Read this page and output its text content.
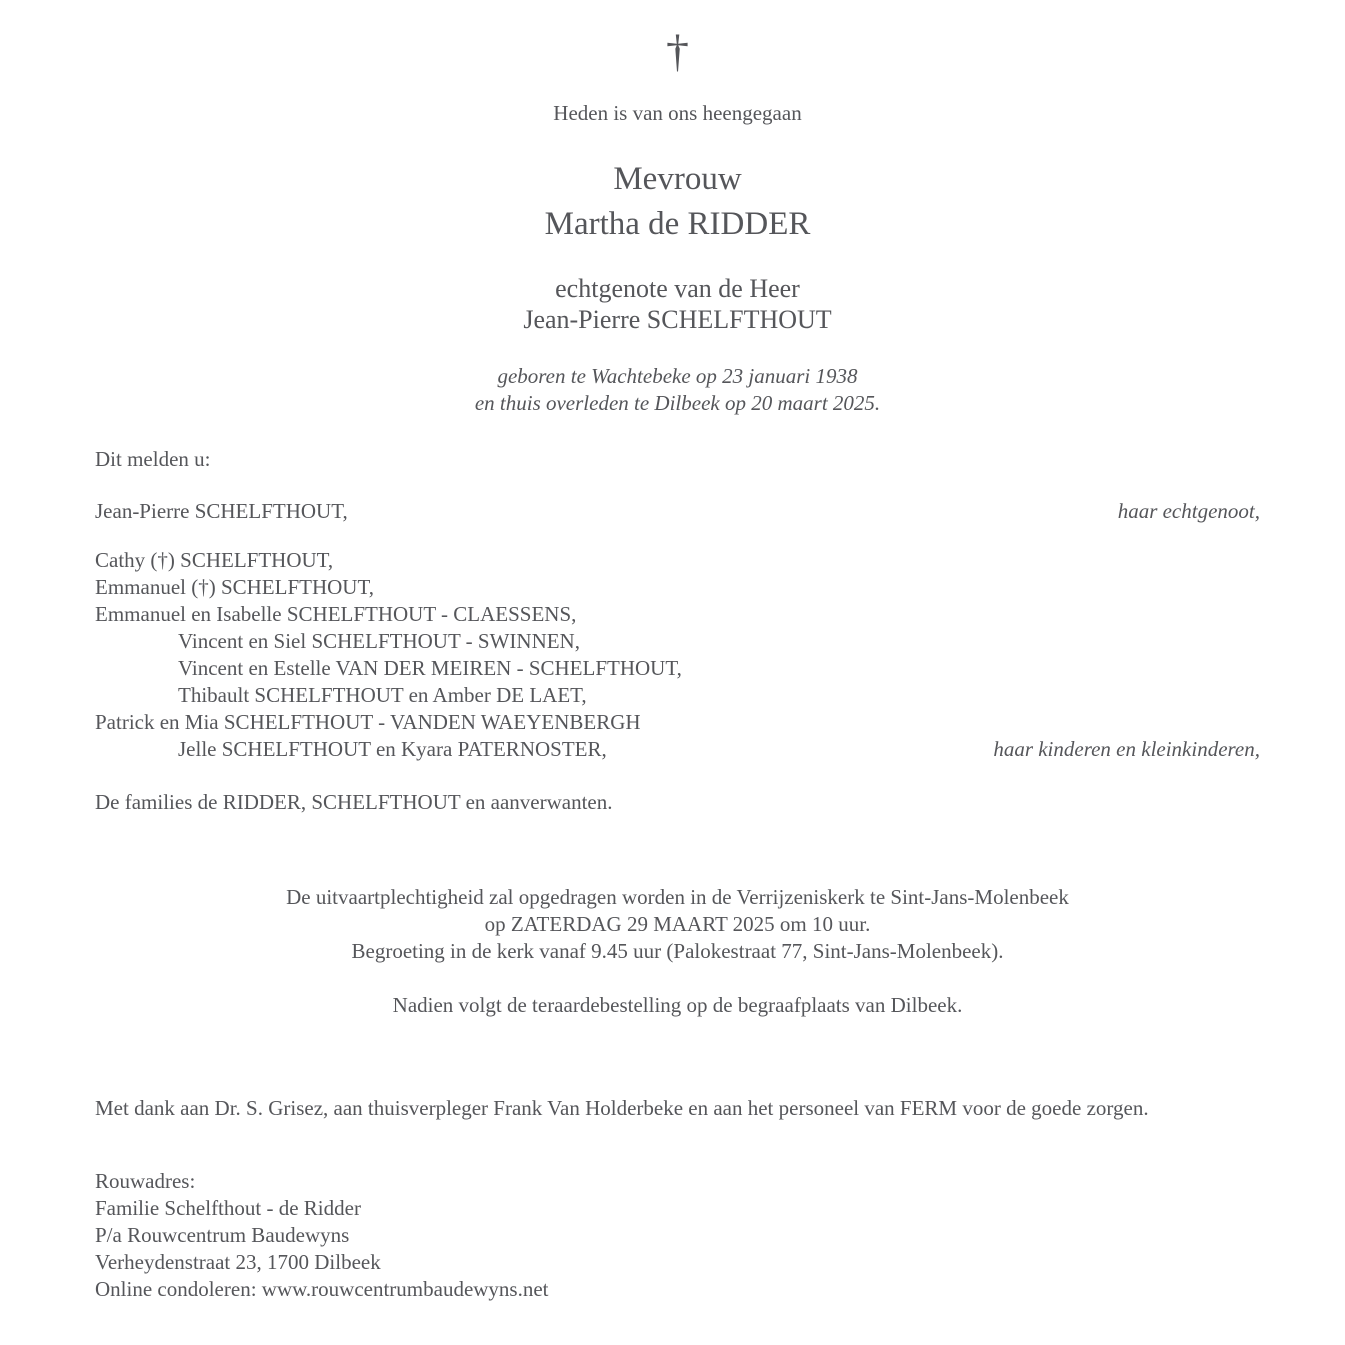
†
Heden is van ons heengegaan
Mevrouw
Martha de RIDDER
echtgenote van de Heer
Jean-Pierre SCHELFTHOUT
geboren te Wachtebeke op 23 januari 1938
en thuis overleden te Dilbeek op 20 maart 2025.
Dit melden u:
Jean-Pierre SCHELFTHOUT,	haar echtgenoot,
Cathy (†) SCHELFTHOUT,
Emmanuel (†) SCHELFTHOUT,
Emmanuel en Isabelle SCHELFTHOUT - CLAESSENS,
Vincent en Siel SCHELFTHOUT - SWINNEN,
Vincent en Estelle VAN DER MEIREN - SCHELFTHOUT,
Thibault SCHELFTHOUT en Amber DE LAET,
Patrick en Mia SCHELFTHOUT - VANDEN WAEYENBERGH
Jelle SCHELFTHOUT en Kyara PATERNOSTER,	haar kinderen en kleinkinderen,
De families de RIDDER, SCHELFTHOUT en aanverwanten.
De uitvaartplechtigheid zal opgedragen worden in de Verrijzeniskerk te Sint-Jans-Molenbeek
op ZATERDAG 29 MAART 2025 om 10 uur.
Begroeting in de kerk vanaf 9.45 uur (Palokestraat 77, Sint-Jans-Molenbeek).
Nadien volgt de teraardebestelling op de begraafplaats van Dilbeek.
Met dank aan Dr. S. Grisez, aan thuisverpleger Frank Van Holderbeke en aan het personeel van FERM voor de goede zorgen.
Rouwadres:
Familie Schelfthout - de Ridder
P/a Rouwcentrum Baudewyns
Verheydenstraat 23, 1700 Dilbeek
Online condoleren: www.rouwcentrumbaudewyns.net
